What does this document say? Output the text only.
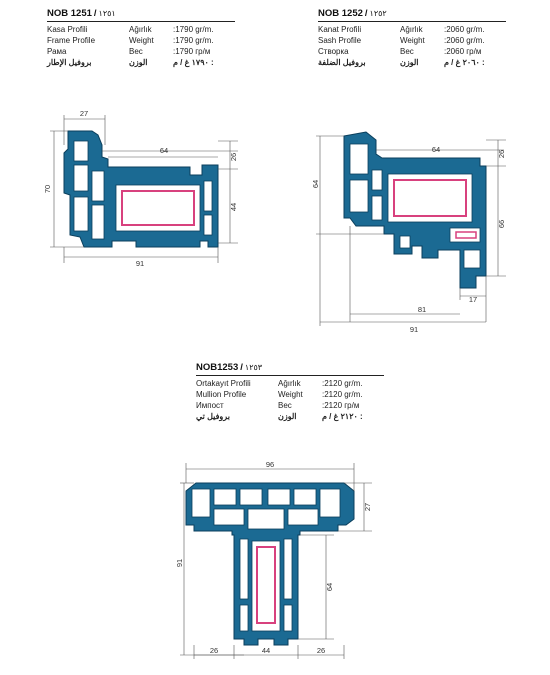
NOB 1251 / ١٢٥١
Kasa Profili	Ağırlık	:1790 gr/m.
Frame Profile	Weight	:1790 gr/m.
Рама	Вес	:1790 гр/м
بروفيل الإطار	الوزن	: ١٧٩٠ غ / م
NOB 1252 / ١٢٥٢
Kanat Profili	Ağırlık	:2060 gr/m.
Sash Profile	Weight	:2060 gr/m.
Створка	Вес	:2060 гр/м
بروفيل الضلفة	الوزن	: ٢٠٦٠ غ / م
NOB1253 / ١٢٥٣
Ortakayıt Profili	Ağırlık	:2120 gr/m.
Mullion Profile	Weight	:2120 gr/m.
Импост	Вес	:2120 гр/м
بروفيل تي	الوزن	: ٢١٢٠ غ / م
27
64
26
44
70
91
64	26
66
64
17
81
91
96
27
64
91
26	44	26
